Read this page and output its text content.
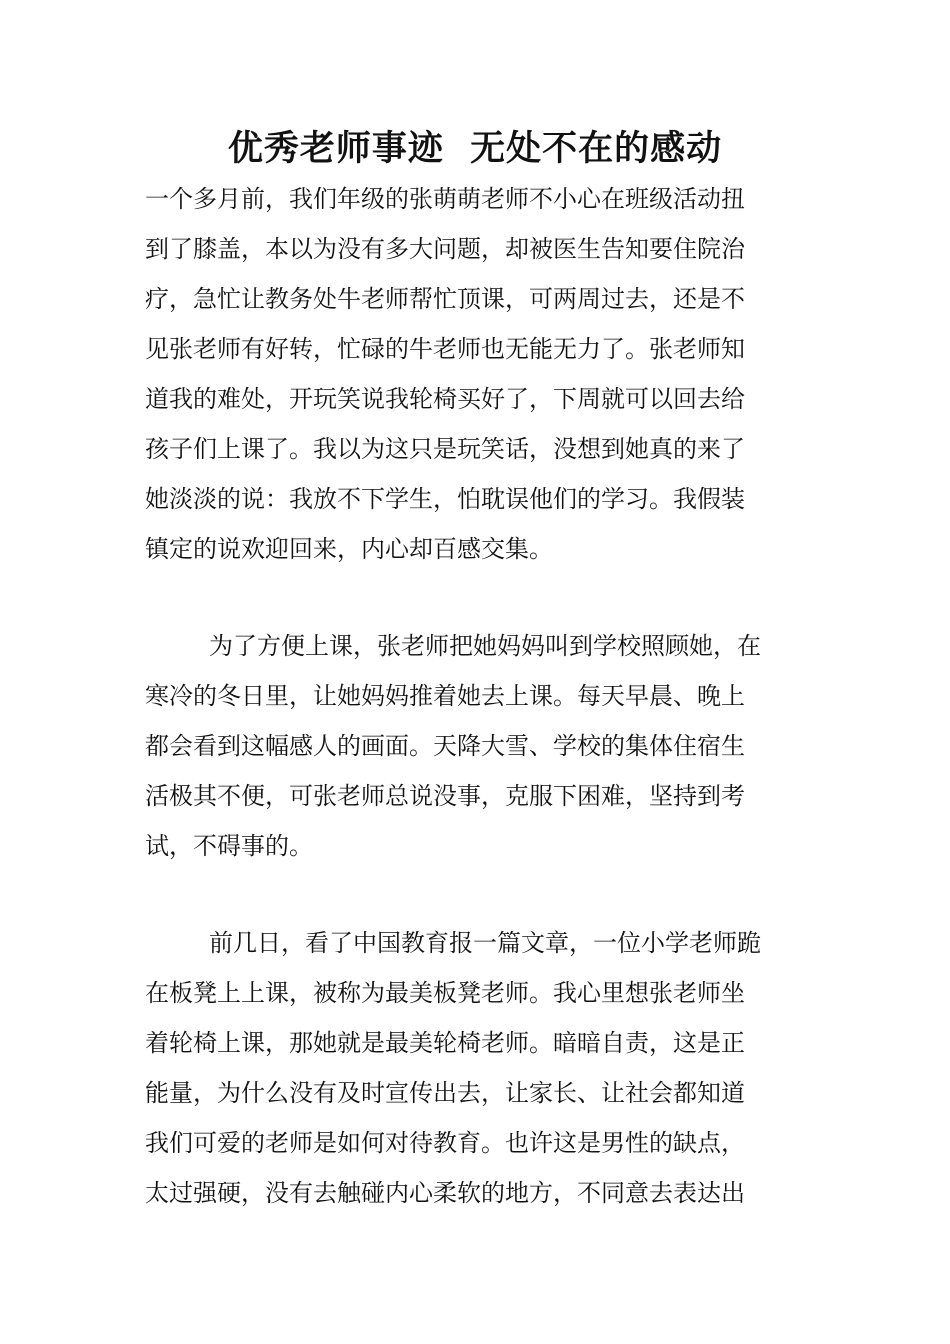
优秀老师事迹  无处不在的感动
一个多月前，我们年级的张萌萌老师不小心在班级活动扭
到了膝盖，本以为没有多大问题，却被医生告知要住院治
疗，急忙让教务处牛老师帮忙顶课，可两周过去，还是不
见张老师有好转，忙碌的牛老师也无能无力了。张老师知
道我的难处，开玩笑说我轮椅买好了，下周就可以回去给
孩子们上课了。我以为这只是玩笑话，没想到她真的来了
她淡淡的说：我放不下学生，怕耽误他们的学习。我假装
镇定的说欢迎回来，内心却百感交集。
为了方便上课，张老师把她妈妈叫到学校照顾她，在
寒冷的冬日里，让她妈妈推着她去上课。每天早晨、晚上
都会看到这幅感人的画面。天降大雪、学校的集体住宿生
活极其不便，可张老师总说没事，克服下困难，坚持到考
试，不碍事的。
前几日，看了中国教育报一篇文章，一位小学老师跪
在板凳上上课，被称为最美板凳老师。我心里想张老师坐
着轮椅上课，那她就是最美轮椅老师。暗暗自责，这是正
能量，为什么没有及时宣传出去，让家长、让社会都知道
我们可爱的老师是如何对待教育。也许这是男性的缺点，
太过强硬，没有去触碰内心柔软的地方，不同意去表达出
